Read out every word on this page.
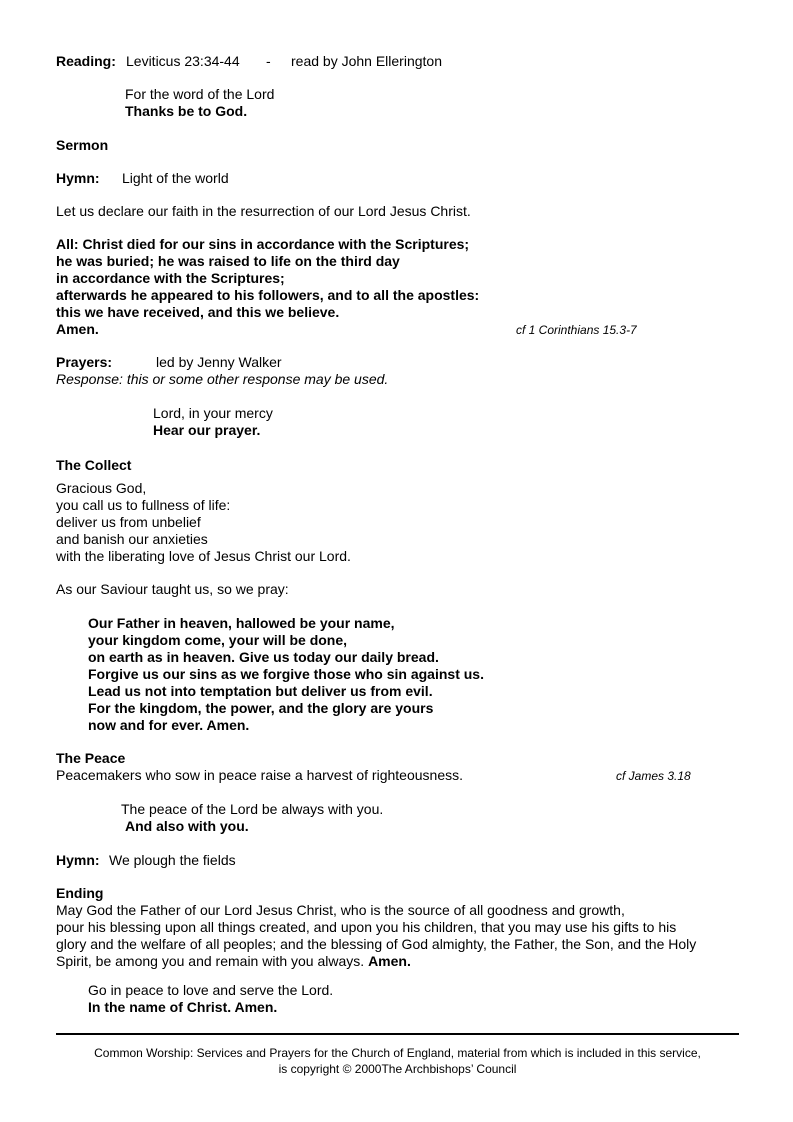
Reading: Leviticus 23:34-44 - read by John Ellerington
For the word of the Lord
Thanks be to God.
Sermon
Hymn: Light of the world
Let us declare our faith in the resurrection of our Lord Jesus Christ.
All: Christ died for our sins in accordance with the Scriptures;
he was buried; he was raised to life on the third day
in accordance with the Scriptures;
afterwards he appeared to his followers, and to all the apostles:
this we have received, and this we believe.
Amen.	cf 1 Corinthians 15.3-7
Prayers:	led by Jenny Walker
Response: this or some other response may be used.
Lord, in your mercy
Hear our prayer.
The Collect
Gracious God,
you call us to fullness of life:
deliver us from unbelief
and banish our anxieties
with the liberating love of Jesus Christ our Lord.
As our Saviour taught us, so we pray:
Our Father in heaven, hallowed be your name,
your kingdom come, your will be done,
on earth as in heaven. Give us today our daily bread.
Forgive us our sins as we forgive those who sin against us.
Lead us not into temptation but deliver us from evil.
For the kingdom, the power, and the glory are yours
now and for ever. Amen.
The Peace
Peacemakers who sow in peace raise a harvest of righteousness.	cf James 3.18
The peace of the Lord be always with you.
And also with you.
Hymn: We plough the fields
Ending
May God the Father of our Lord Jesus Christ, who is the source of all goodness and growth,
pour his blessing upon all things created, and upon you his children, that you may use his gifts to his
glory and the welfare of all peoples; and the blessing of God almighty, the Father, the Son, and the Holy
Spirit, be among you and remain with you always. Amen.
Go in peace to love and serve the Lord.
In the name of Christ. Amen.
Common Worship: Services and Prayers for the Church of England, material from which is included in this service,
is copyright © 2000The Archbishops’ Council
